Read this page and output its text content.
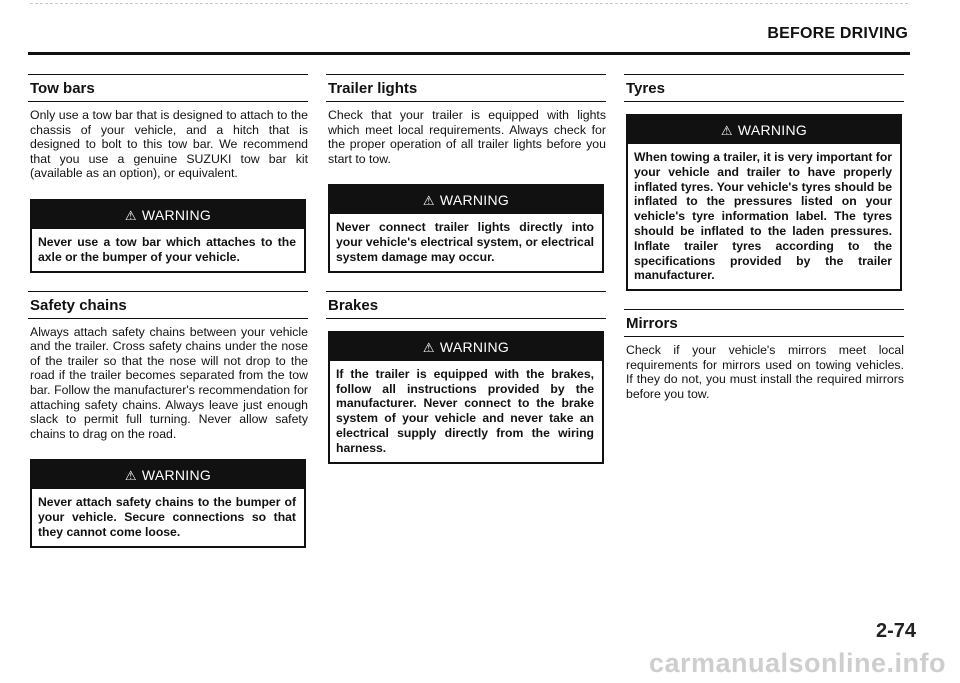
BEFORE DRIVING
Tow bars

Only use a tow bar that is designed to attach to the chassis of your vehicle, and a hitch that is designed to bolt to this tow bar. We recommend that you use a genuine SUZUKI tow bar kit (available as an option), or equivalent.

⚠ WARNING
Never use a tow bar which attaches to the axle or the bumper of your vehicle.
Safety chains

Always attach safety chains between your vehicle and the trailer. Cross safety chains under the nose of the trailer so that the nose will not drop to the road if the trailer becomes separated from the tow bar. Follow the manufacturer's recommendation for attaching safety chains. Always leave just enough slack to permit full turning. Never allow safety chains to drag on the road.

⚠ WARNING
Never attach safety chains to the bumper of your vehicle. Secure connections so that they cannot come loose.
Trailer lights

Check that your trailer is equipped with lights which meet local requirements. Always check for the proper operation of all trailer lights before you start to tow.

⚠ WARNING
Never connect trailer lights directly into your vehicle's electrical system, or electrical system damage may occur.
Brakes
⚠ WARNING
If the trailer is equipped with the brakes, follow all instructions provided by the manufacturer. Never connect to the brake system of your vehicle and never take an electrical supply directly from the wiring harness.
Tyres
⚠ WARNING
When towing a trailer, it is very important for your vehicle and trailer to have properly inflated tyres. Your vehicle's tyres should be inflated to the pressures listed on your vehicle's tyre information label. The tyres should be inflated to the laden pressures. Inflate trailer tyres according to the specifications provided by the trailer manufacturer.
Mirrors

Check if your vehicle's mirrors meet local requirements for mirrors used on towing vehicles. If they do not, you must install the required mirrors before you tow.

2-74
carmanualsonline.info
